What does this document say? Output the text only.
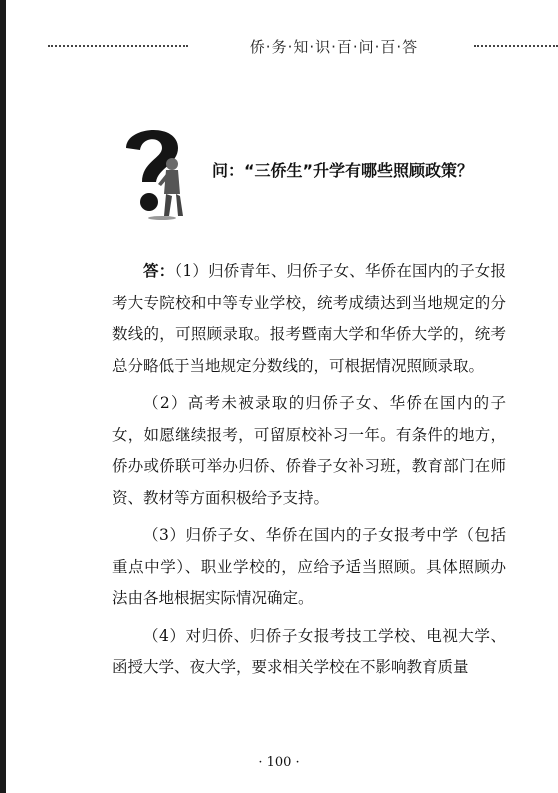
侨·务·知·识·百·问·百·答
问：“三侨生”升学有哪些照顾政策？

答：（1）归侨青年、归侨子女、华侨在国内的子女报考大专院校和中等专业学校，统考成绩达到当地规定的分数线的，可照顾录取。报考暨南大学和华侨大学的，统考总分略低于当地规定分数线的，可根据情况照顾录取。

（2）高考未被录取的归侨子女、华侨在国内的子女，如愿继续报考，可留原校补习一年。有条件的地方，侨办或侨联可举办归侨、侨眷子女补习班，教育部门在师资、教材等方面积极给予支持。

（3）归侨子女、华侨在国内的子女报考中学（包括重点中学）、职业学校的，应给予适当照顾。具体照顾办法由各地根据实际情况确定。

（4）对归侨、归侨子女报考技工学校、电视大学、函授大学、夜大学，要求相关学校在不影响教育质量

· 100 ·
